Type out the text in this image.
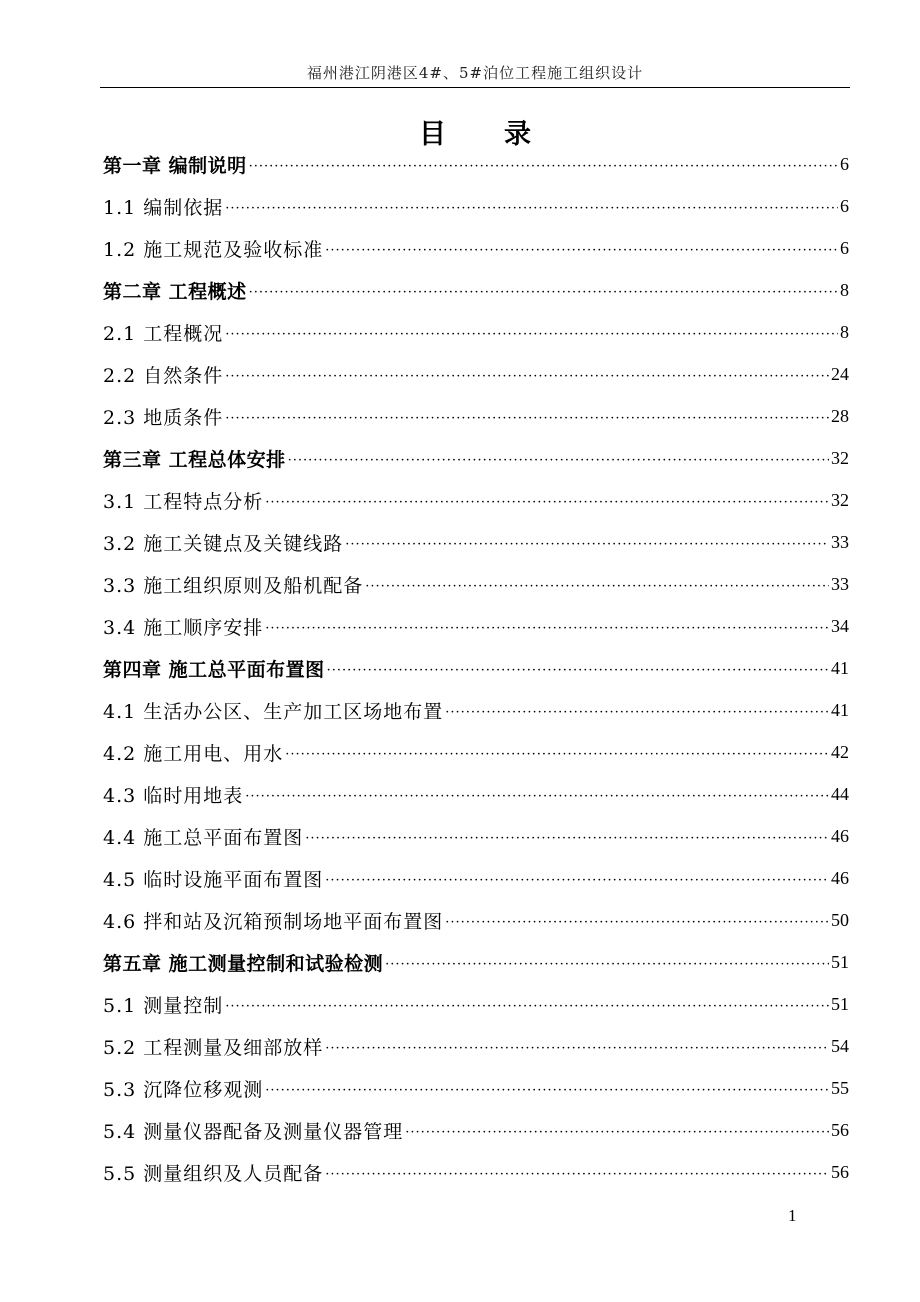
福州港江阴港区4#、5#泊位工程施工组织设计
目录
第一章 编制说明 ·····	6
1.1 编制依据 ·····	6
1.2 施工规范及验收标准 ·····	6
第二章 工程概述 ·····	8
2.1 工程概况 ·····	8
2.2 自然条件 ·····	24
2.3 地质条件 ·····	28
第三章 工程总体安排 ·····	32
3.1 工程特点分析 ·····	32
3.2 施工关键点及关键线路 ·····	33
3.3 施工组织原则及船机配备 ·····	33
3.4 施工顺序安排 ·····	34
第四章 施工总平面布置图 ·····	41
4.1 生活办公区、生产加工区场地布置 ·····	41
4.2 施工用电、用水 ·····	42
4.3 临时用地表 ·····	44
4.4 施工总平面布置图 ·····	46
4.5 临时设施平面布置图 ·····	46
4.6 拌和站及沉箱预制场地平面布置图 ·····	50
第五章 施工测量控制和试验检测 ·····	51
5.1 测量控制 ·····	51
5.2 工程测量及细部放样 ·····	54
5.3 沉降位移观测 ·····	55
5.4 测量仪器配备及测量仪器管理 ·····	56
5.5 测量组织及人员配备 ·····	56
1
